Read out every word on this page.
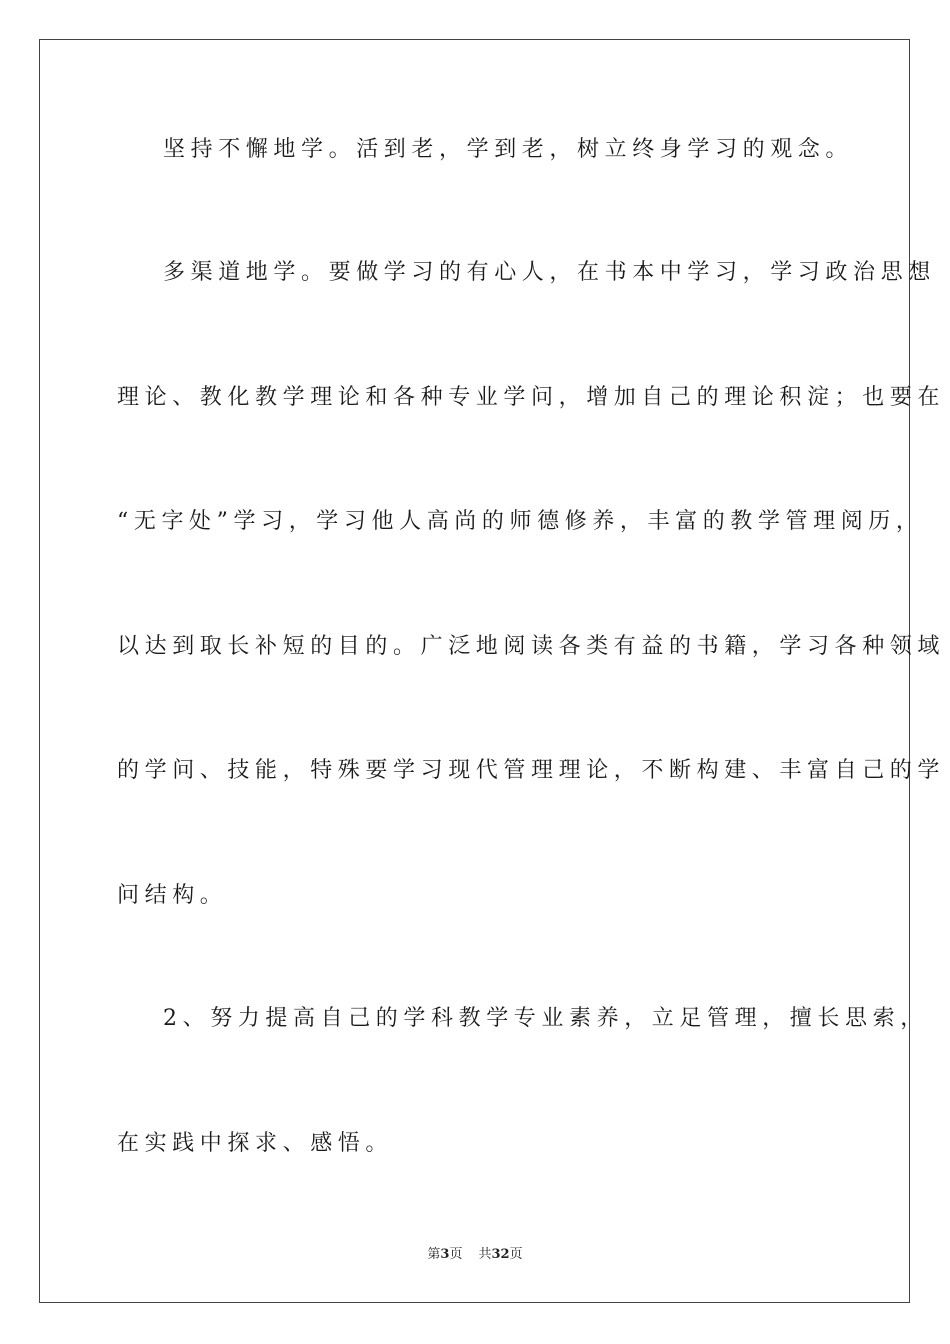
坚持不懈地学。活到老，学到老，树立终身学习的观念。
多渠道地学。要做学习的有心人，在书本中学习，学习政治思想
理论、教化教学理论和各种专业学问，增加自己的理论积淀；也要在
“无字处”学习，学习他人高尚的师德修养，丰富的教学管理阅历，
以达到取长补短的目的。广泛地阅读各类有益的书籍，学习各种领域
的学问、技能，特殊要学习现代管理理论，不断构建、丰富自己的学
问结构。
2、努力提高自己的学科教学专业素养，立足管理，擅长思索，
在实践中探求、感悟。
第3页 共32页
